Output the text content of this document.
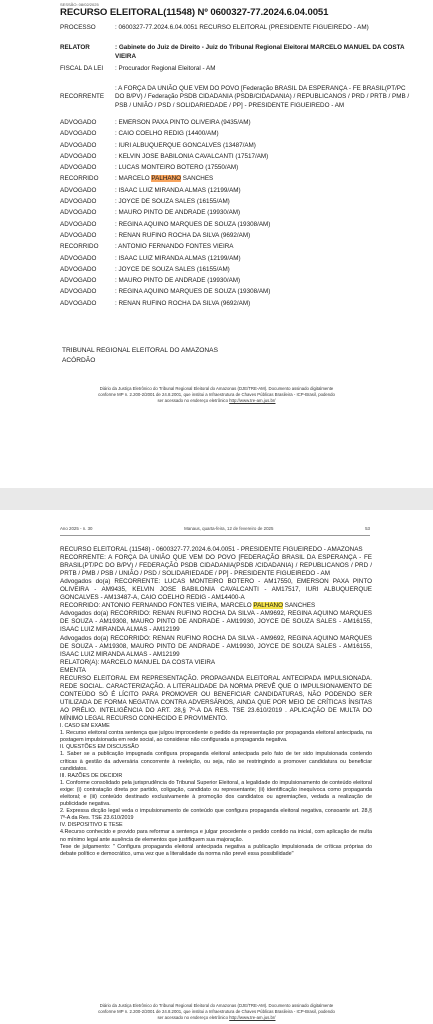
SESSÃO: 08/02/2025
RECURSO ELEITORAL(11548) Nº 0600327-77.2024.6.04.0051
PROCESSO	: 0600327-77.2024.6.04.0051 RECURSO ELEITORAL (PRESIDENTE FIGUEIREDO - AM)
RELATOR	: Gabinete do Juiz de Direito - Juiz do Tribunal Regional Eleitoral MARCELO MANUEL DA COSTA VIEIRA
FISCAL DA LEI	: Procurador Regional Eleitoral - AM
RECORRENTE
: A FORÇA DA UNIÃO QUE VEM DO POVO [Federação BRASIL DA ESPERANÇA - FE BRASIL(PT/PC DO B/PV) / Federação PSDB CIDADANIA (PSDB/CIDADANIA) / REPUBLICANOS / PRD / PRTB / PMB / PSB / UNIÃO / PSD / SOLIDARIEDADE / PP] - PRESIDENTE FIGUEIREDO - AM
ADVOGADO	: EMERSON PAXA PINTO OLIVEIRA (9435/AM)
ADVOGADO	: CAIO COELHO REDIG (14400/AM)
ADVOGADO	: IURI ALBUQUERQUE GONCALVES (13487/AM)
ADVOGADO	: KELVIN JOSE BABILONIA CAVALCANTI (17517/AM)
ADVOGADO	: LUCAS MONTEIRO BOTERO (17550/AM)
RECORRIDO	: MARCELO PALHANO SANCHES
ADVOGADO	: ISAAC LUIZ MIRANDA ALMAS (12199/AM)
ADVOGADO	: JOYCE DE SOUZA SALES (16155/AM)
ADVOGADO	: MAURO PINTO DE ANDRADE (19930/AM)
ADVOGADO	: REGINA AQUINO MARQUES DE SOUZA (19308/AM)
ADVOGADO	: RENAN RUFINO ROCHA DA SILVA (9692/AM)
RECORRIDO	: ANTONIO FERNANDO FONTES VIEIRA
ADVOGADO	: ISAAC LUIZ MIRANDA ALMAS (12199/AM)
ADVOGADO	: JOYCE DE SOUZA SALES (16155/AM)
ADVOGADO	: MAURO PINTO DE ANDRADE (19930/AM)
ADVOGADO	: REGINA AQUINO MARQUES DE SOUZA (19308/AM)
ADVOGADO	: RENAN RUFINO ROCHA DA SILVA (9692/AM)
TRIBUNAL REGIONAL ELEITORAL DO AMAZONAS
ACÓRDÃO
Diário da Justiça Eletrônico do Tribunal Regional Eleitoral do Amazonas (DJE/TRE-AM). Documento assinado digitalmente
conforme MP n. 2.200-2/2001 de 24.8.2001, que institui a Infraestrutura de Chaves Públicas Brasileira - ICP-Brasil, podendo
ser acessado no endereço eletrônico http://www.tre-am.jus.br/
Ano 2025 - n. 30	Manaus, quarta-feira, 12 de fevereiro de 2025	53

RECURSO ELEITORAL (11548) - 0600327-77.2024.6.04.0051 - PRESIDENTE FIGUEIREDO - AMAZONAS

RECORRENTE: A FORÇA DA UNIÃO QUE VEM DO POVO [FEDERAÇÃO BRASIL DA ESPERANÇA - FE BRASIL(PT/PC DO B/PV) / FEDERAÇÃO PSDB CIDADANIA(PSDB /CIDADANIA) / REPUBLICANOS / PRD / PRTB / PMB / PSB / UNIÃO / PSD / SOLIDARIEDADE / PP] - PRESIDENTE FIGUEIREDO - AM

Advogados do(a) RECORRENTE: LUCAS MONTEIRO BOTERO - AM17550, EMERSON PAXA PINTO OLIVEIRA - AM9435, KELVIN JOSE BABILONIA CAVALCANTI - AM17517, IURI ALBUQUERQUE GONCALVES - AM13487-A, CAIO COELHO REDIG - AM14400-A

RECORRIDO: ANTONIO FERNANDO FONTES VIEIRA, MARCELO PALHANO SANCHES

Advogados do(a) RECORRIDO: RENAN RUFINO ROCHA DA SILVA - AM9692, REGINA AQUINO MARQUES DE SOUZA - AM19308, MAURO PINTO DE ANDRADE - AM19930, JOYCE DE SOUZA SALES - AM16155, ISAAC LUIZ MIRANDA ALMAS - AM12199

Advogados do(a) RECORRIDO: RENAN RUFINO ROCHA DA SILVA - AM9692, REGINA AQUINO MARQUES DE SOUZA - AM19308, MAURO PINTO DE ANDRADE - AM19930, JOYCE DE SOUZA SALES - AM16155, ISAAC LUIZ MIRANDA ALMAS - AM12199

RELATOR(A): MARCELO MANUEL DA COSTA VIEIRA

EMENTA

RECURSO ELEITORAL EM REPRESENTAÇÃO. PROPAGANDA ELEITORAL ANTECIPADA IMPULSIONADA. REDE SOCIAL. CARACTERIZAÇÃO. A LITERALIDADE DA NORMA PREVÊ QUE O IMPULSIONAMENTO DE CONTEÚDO SÓ É LÍCITO PARA PROMOVER OU BENEFICIAR CANDIDATURAS, NÃO PODENDO SER UTILIZADA DE FORMA NEGATIVA CONTRA ADVERSÁRIOS, AINDA QUE POR MEIO DE CRÍTICAS ÍNSITAS AO PRÉLIO. INTELIGÊNCIA DO ART. 28,§ 7º-A DA RES. TSE 23.610/2019 . APLICAÇÃO DE MULTA DO MÍNIMO LEGAL RECURSO CONHECIDO E PROVIMENTO.

I. CASO EM EXAME

1. Recurso eleitoral contra sentença que julgou improcedente o pedido da representação por propaganda eleitoral antecipada, na postagem impulsionada em rede social, ao considerar não configurada a propaganda negativa.

II. QUESTÕES EM DISCUSSÃO

1. Saber se a publicação impugnada configura propaganda eleitoral antecipada pelo fato de ter sido impulsionada contendo críticas à gestão da adversária concorrente à reeleição, ou seja, não se restringindo a promover candidatura ou beneficiar candidatos.

III. RAZÕES DE DECIDIR

1. Conforme consolidado pela jurisprudência do Tribunal Superior Eleitoral, a legalidade do impulsionamento de conteúdo eleitoral exige: (i) contratação direta por partido, coligação, candidato ou representante; (ii) identificação inequívoca como propaganda eleitoral; e (iii) conteúdo destinado exclusivamente à promoção dos candidatos ou agremiações, vedada a realização de publicidade negativa.

2. Expressa dicção legal veda o impulsionamento de conteúdo que configura propaganda eleitoral negativa, consoante art. 28,§ 7º-A da Res. TSE 23.610/2019

IV. DISPOSITIVO E TESE

4.Recurso conhecido e provido para reformar a sentença e julgar procedente o pedido contido na inicial, com aplicação de multa no mínimo legal ante ausência de elementos que justifiquem sua majoração.

Tese de julgamento: " Configura propaganda eleitoral antecipada negativa a publicação impulsionada de críticas próprias do debate político e democrático, uma vez que a literalidade da norma não prevê essa possibilidade"

Diário da Justiça Eletrônico do Tribunal Regional Eleitoral do Amazonas (DJE/TRE-AM). Documento assinado digitalmente
conforme MP n. 2.200-2/2001 de 24.8.2001, que institui a Infraestrutura de Chaves Públicas Brasileira - ICP-Brasil, podendo
ser acessado no endereço eletrônico http://www.tre-am.jus.br/
